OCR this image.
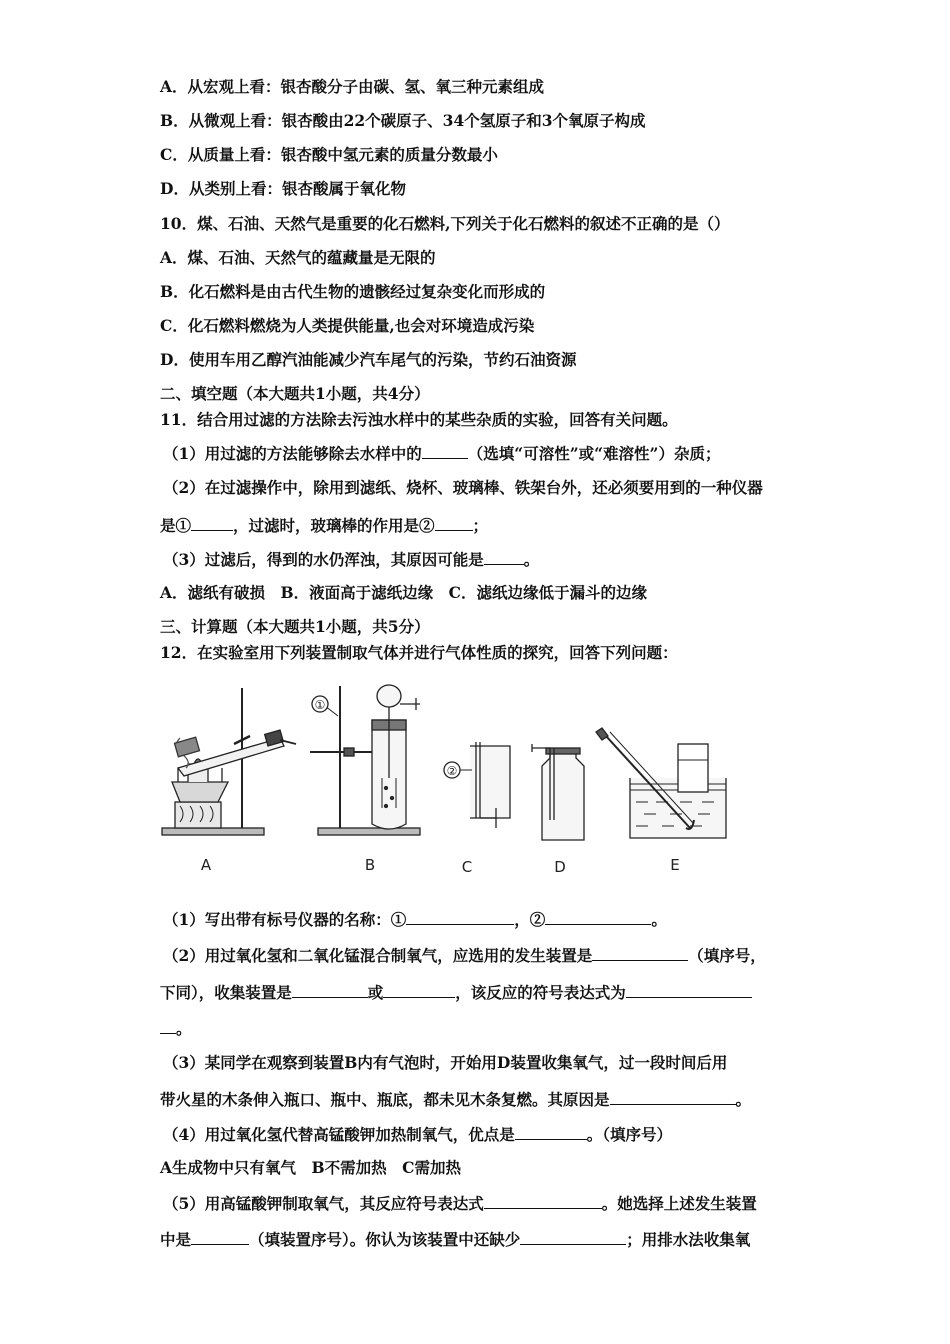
A．从宏观上看：银杏酸分子由碳、氢、氧三种元素组成
B．从微观上看：银杏酸由22个碳原子、34个氢原子和3个氧原子构成
C．从质量上看：银杏酸中氢元素的质量分数最小
D．从类别上看：银杏酸属于氧化物
10．煤、石油、天然气是重要的化石燃料,下列关于化石燃料的叙述不正确的是（）
A．煤、石油、天然气的蕴藏量是无限的
B．化石燃料是由古代生物的遗骸经过复杂变化而形成的
C．化石燃料燃烧为人类提供能量,也会对环境造成污染
D．使用车用乙醇汽油能减少汽车尾气的污染，节约石油资源
二、填空题（本大题共1小题，共4分）
11．结合用过滤的方法除去污浊水样中的某些杂质的实验，回答有关问题。
（1）用过滤的方法能够除去水样中的	（选填“可溶性”或“难溶性”）杂质；
（2）在过滤操作中，除用到滤纸、烧杯、玻璃棒、铁架台外，还必须要用到的一种仪器
是①	，过滤时，玻璃棒的作用是② ；
（3）过滤后，得到的水仍浑浊，其原因可能是	。
A．滤纸有破损　B．液面高于滤纸边缘　C．滤纸边缘低于漏斗的边缘
三、计算题（本大题共1小题，共5分）
12．在实验室用下列装置制取气体并进行气体性质的探究，回答下列问题：
A
①
B
②
C	D	E
（1）写出带有标号仪器的名称：①	，②	。
（2）用过氧化氢和二氧化锰混合制氧气，应选用的发生装置是	（填序号，
下同），收集装置是	或	，该反应的符号表达式为
。
（3）某同学在观察到装置B内有气泡时，开始用D装置收集氧气，过一段时间后用
带火星的木条伸入瓶口、瓶中、瓶底，都未见木条复燃。其原因是	。
（4）用过氧化氢代替高锰酸钾加热制氧气，优点是	。（填序号）
A生成物中只有氧气　B不需加热　C需加热
（5）用高锰酸钾制取氧气，其反应符号表达式	。她选择上述发生装置
中是	（填装置序号）。你认为该装置中还缺少	；用排水法收集氧
